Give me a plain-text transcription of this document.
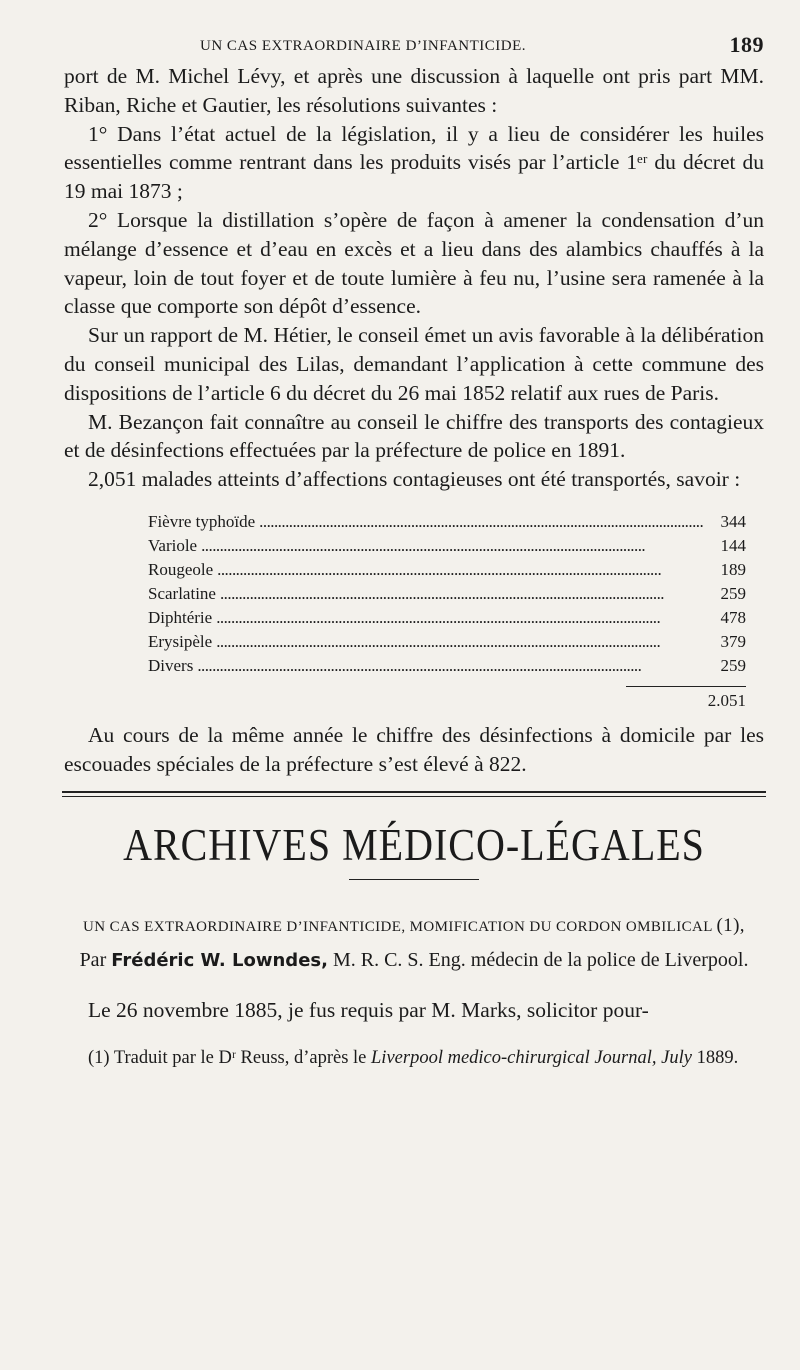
UN CAS EXTRAORDINAIRE D’INFANTICIDE.	189

port de M. Michel Lévy, et après une discussion à laquelle ont pris part MM. Riban, Riche et Gautier, les résolutions suivantes :

1° Dans l’état actuel de la législation, il y a lieu de considérer les huiles essentielles comme rentrant dans les produits visés par l’article 1ᵉʳ du décret du 19 mai 1873 ;

2° Lorsque la distillation s’opère de façon à amener la condensation d’un mélange d’essence et d’eau en excès et a lieu dans des alambics chauffés à la vapeur, loin de tout foyer et de toute lumière à feu nu, l’usine sera ramenée à la classe que comporte son dépôt d’essence.

Sur un rapport de M. Hétier, le conseil émet un avis favorable à la délibération du conseil municipal des Lilas, demandant l’application à cette commune des dispositions de l’article 6 du décret du 26 mai 1852 relatif aux rues de Paris.

M. Bezançon fait connaître au conseil le chiffre des transports des contagieux et de désinfections effectuées par la préfecture de police en 1891.

2,051 malades atteints d’affections contagieuses ont été transportés, savoir :

Fièvre typhoïde . . .	344
Variole . . .	144
Rougeole . . .	189
Scarlatine . . .	259
Diphtérie . . .	478
Erysipèle . . .	379
Divers . . .	259
2.051

Au cours de la même année le chiffre des désinfections à domicile par les escouades spéciales de la préfecture s’est élevé à 822.

ARCHIVES MÉDICO-LÉGALES
UN CAS EXTRAORDINAIRE D’INFANTICIDE, MOMIFICATION DU CORDON OMBILICAL (1),
Par Frédéric W. Lowndes, M. R. C. S. Eng. médecin de la police de Liverpool.

Le 26 novembre 1885, je fus requis par M. Marks, solicitor pour-

(1) Traduit par le Dʳ Reuss, d’après le Liverpool medico-chirurgical Journal, July 1889.
